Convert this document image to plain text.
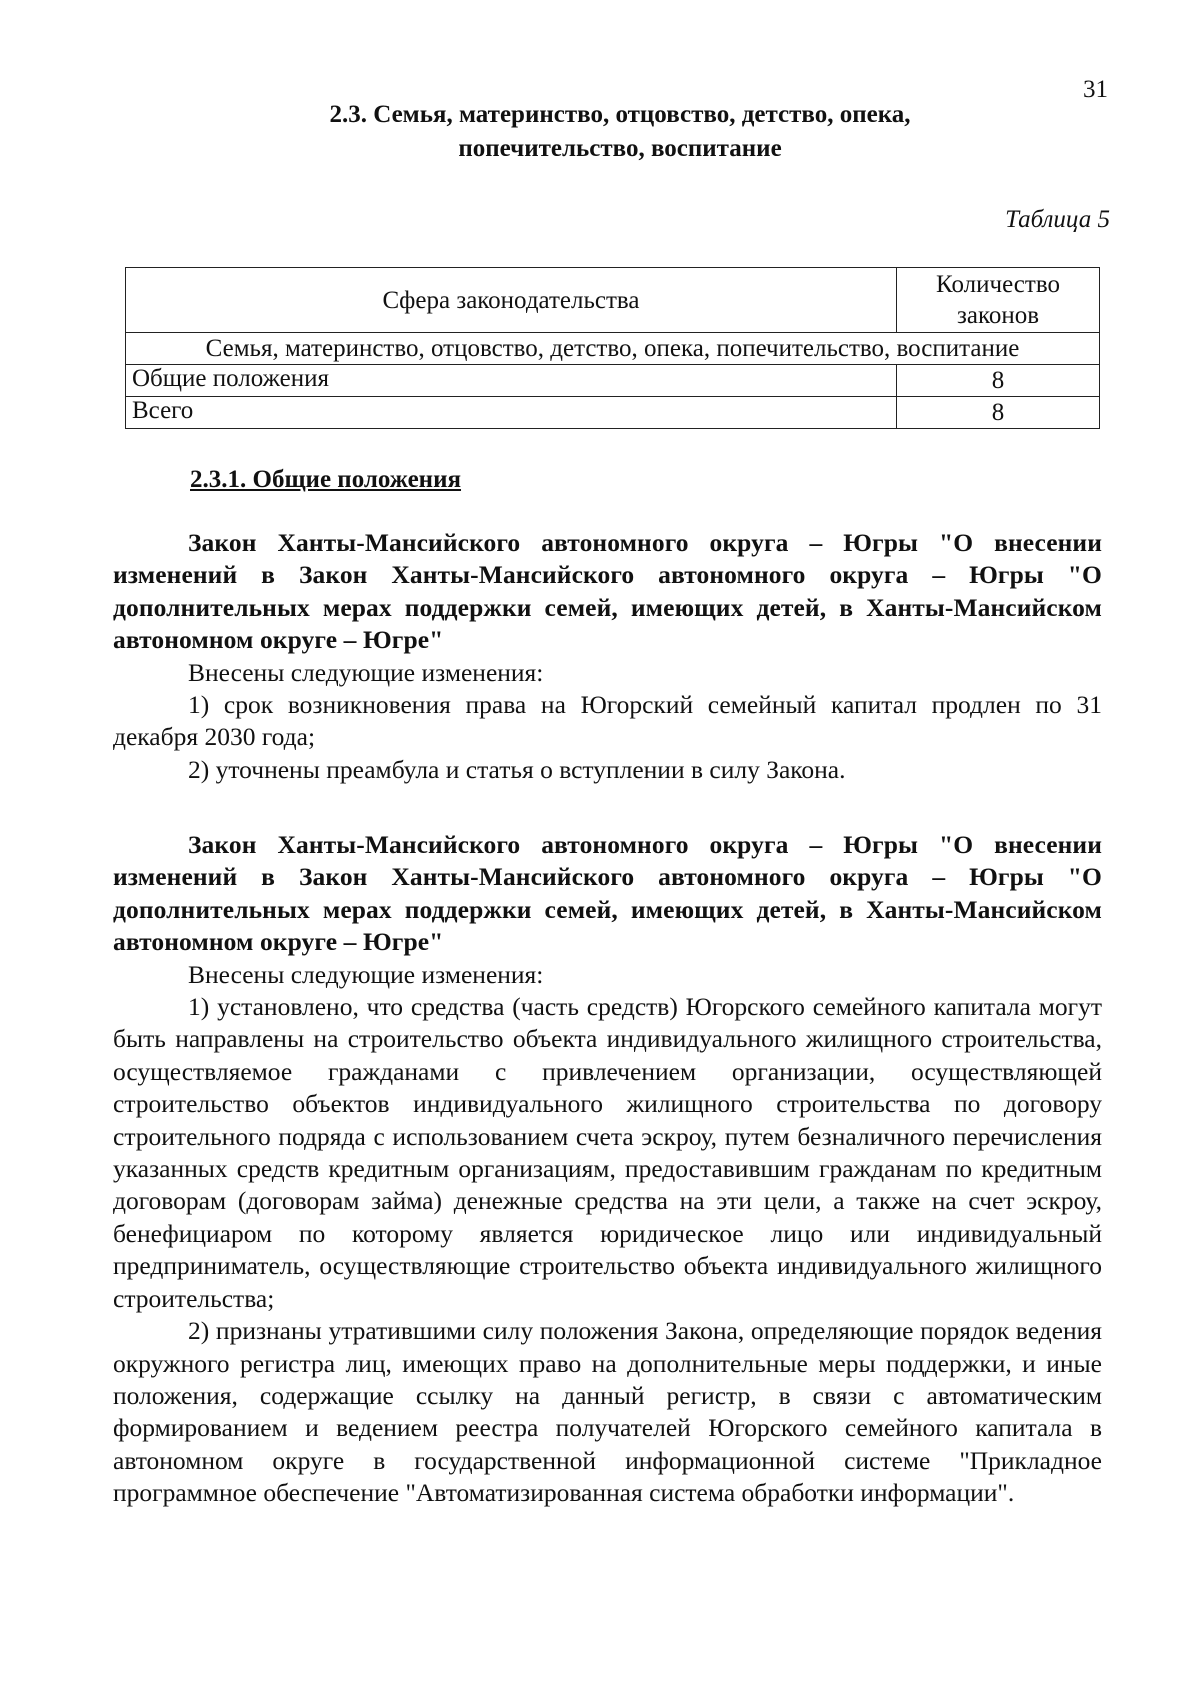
31
2.3. Семья, материнство, отцовство, детство, опека,
попечительство, воспитание
Таблица 5
Сфера законодательства	Количество законов
Семья, материнство, отцовство, детство, опека, попечительство, воспитание	
Общие положения	8
Всего	8
2.3.1. Общие положения

Закон Ханты-Мансийского автономного округа – Югры "О внесении изменений в Закон Ханты-Мансийского автономного округа – Югры "О дополнительных мерах поддержки семей, имеющих детей, в Ханты-Мансийском автономном округе – Югре"

Внесены следующие изменения:

1) срок возникновения права на Югорский семейный капитал продлен по 31 декабря 2030 года;

2) уточнены преамбула и статья о вступлении в силу Закона.

Закон Ханты-Мансийского автономного округа – Югры "О внесении изменений в Закон Ханты-Мансийского автономного округа – Югры "О дополнительных мерах поддержки семей, имеющих детей, в Ханты-Мансийском автономном округе – Югре"

Внесены следующие изменения:

1) установлено, что средства (часть средств) Югорского семейного капитала могут быть направлены на строительство объекта индивидуального жилищного строительства, осуществляемое гражданами с привлечением организации, осуществляющей строительство объектов индивидуального жилищного строительства по договору строительного подряда с использованием счета эскроу, путем безналичного перечисления указанных средств кредитным организациям, предоставившим гражданам по кредитным договорам (договорам займа) денежные средства на эти цели, а также на счет эскроу, бенефициаром по которому является юридическое лицо или индивидуальный предприниматель, осуществляющие строительство объекта индивидуального жилищного строительства;

2) признаны утратившими силу положения Закона, определяющие порядок ведения окружного регистра лиц, имеющих право на дополнительные меры поддержки, и иные положения, содержащие ссылку на данный регистр, в связи с автоматическим формированием и ведением реестра получателей Югорского семейного капитала в автономном округе в государственной информационной системе "Прикладное программное обеспечение "Автоматизированная система обработки информации".
